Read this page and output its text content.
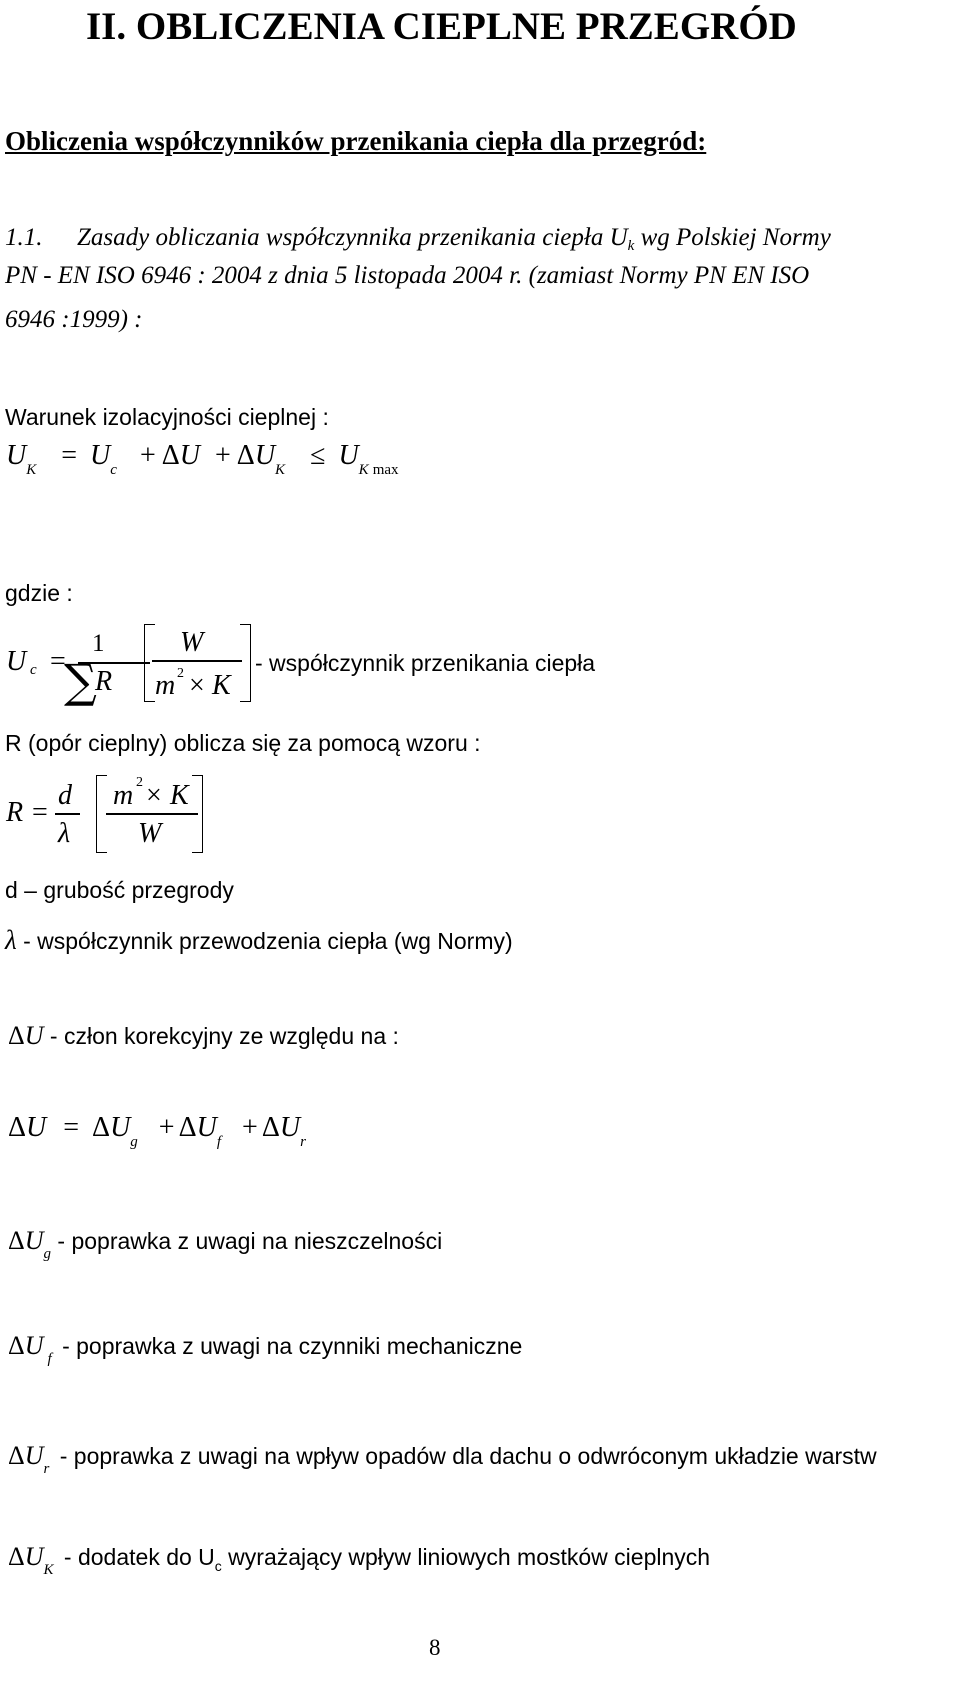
II. OBLICZENIA CIEPLNE PRZEGRÓD
Obliczenia współczynników przenikania ciepła dla przegród:
1.1. Zasady obliczania współczynnika przenikania ciepła $U_k$ wg Polskiej Normy
PN - EN ISO 6946 : 2004 z dnia 5 listopada 2004 r. (zamiast Normy PN EN ISO
6946 :1999) :
Warunek izolacyjności cieplnej :
$U_K = U_c + \Delta U + \Delta U_K \le U_K$ $_{max}$
gdzie :
U c =
1
∑
R
W
m 2 × K
- współczynnik przenikania ciepła
R (opór cieplny) oblicza się za pomocą wzoru :
R =
d
λ
m 2 × K
W
d – grubość przegrody
λ - współczynnik przewodzenia ciepła (wg Normy)
ΔU - człon korekcyjny ze względu na :
$\Delta U = \Delta U_g + \Delta U_f + \Delta U_r$
$\Delta U_g$ - poprawka z uwagi na nieszczelności
ΔU $_f$ - poprawka z uwagi na czynniki mechaniczne
$\Delta U_r$ - poprawka z uwagi na wpływ opadów dla dachu o odwróconym układzie warstw
$\Delta U_K$ - dodatek do $U_c$ wyrażający wpływ liniowych mostków cieplnych
8
